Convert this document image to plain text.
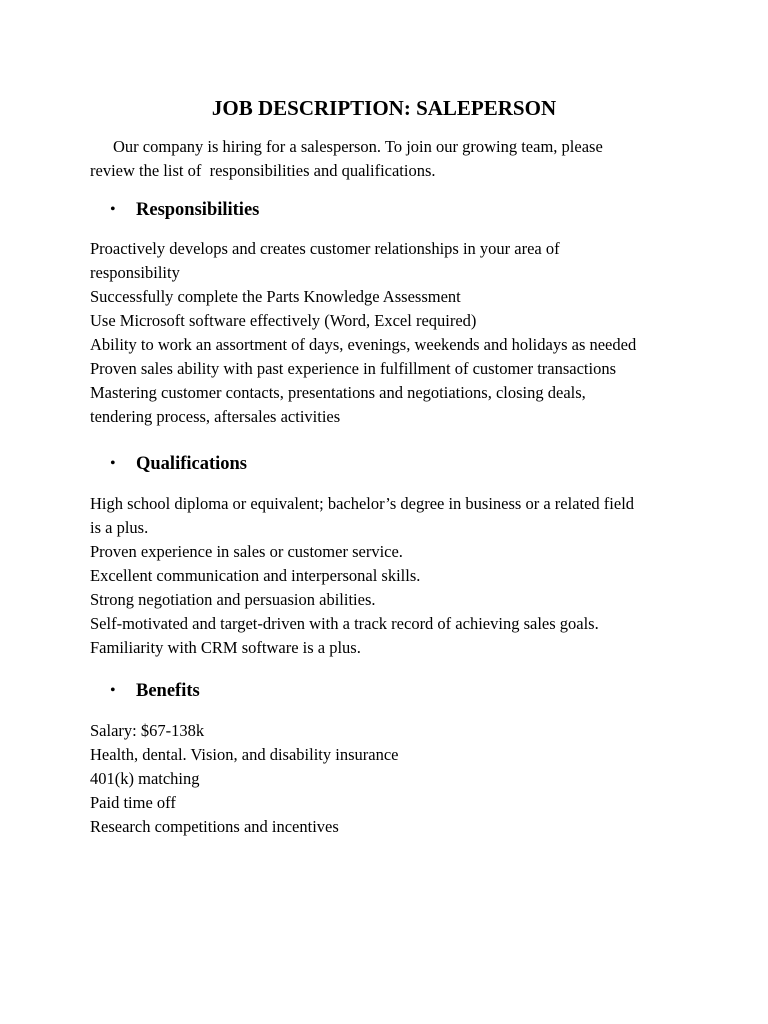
JOB DESCRIPTION: SALEPERSON
Our company is hiring for a salesperson. To join our growing team, please
review the list of  responsibilities and qualifications.
• Responsibilities
Proactively develops and creates customer relationships in your area of
responsibility
Successfully complete the Parts Knowledge Assessment
Use Microsoft software effectively (Word, Excel required)
Ability to work an assortment of days, evenings, weekends and holidays as needed
Proven sales ability with past experience in fulfillment of customer transactions
Mastering customer contacts, presentations and negotiations, closing deals,
tendering process, aftersales activities
• Qualifications
High school diploma or equivalent; bachelor’s degree in business or a related field
is a plus.
Proven experience in sales or customer service.
Excellent communication and interpersonal skills.
Strong negotiation and persuasion abilities.
Self-motivated and target-driven with a track record of achieving sales goals.
Familiarity with CRM software is a plus.
• Benefits
Salary: $67-138k
Health, dental. Vision, and disability insurance
401(k) matching
Paid time off
Research competitions and incentives
